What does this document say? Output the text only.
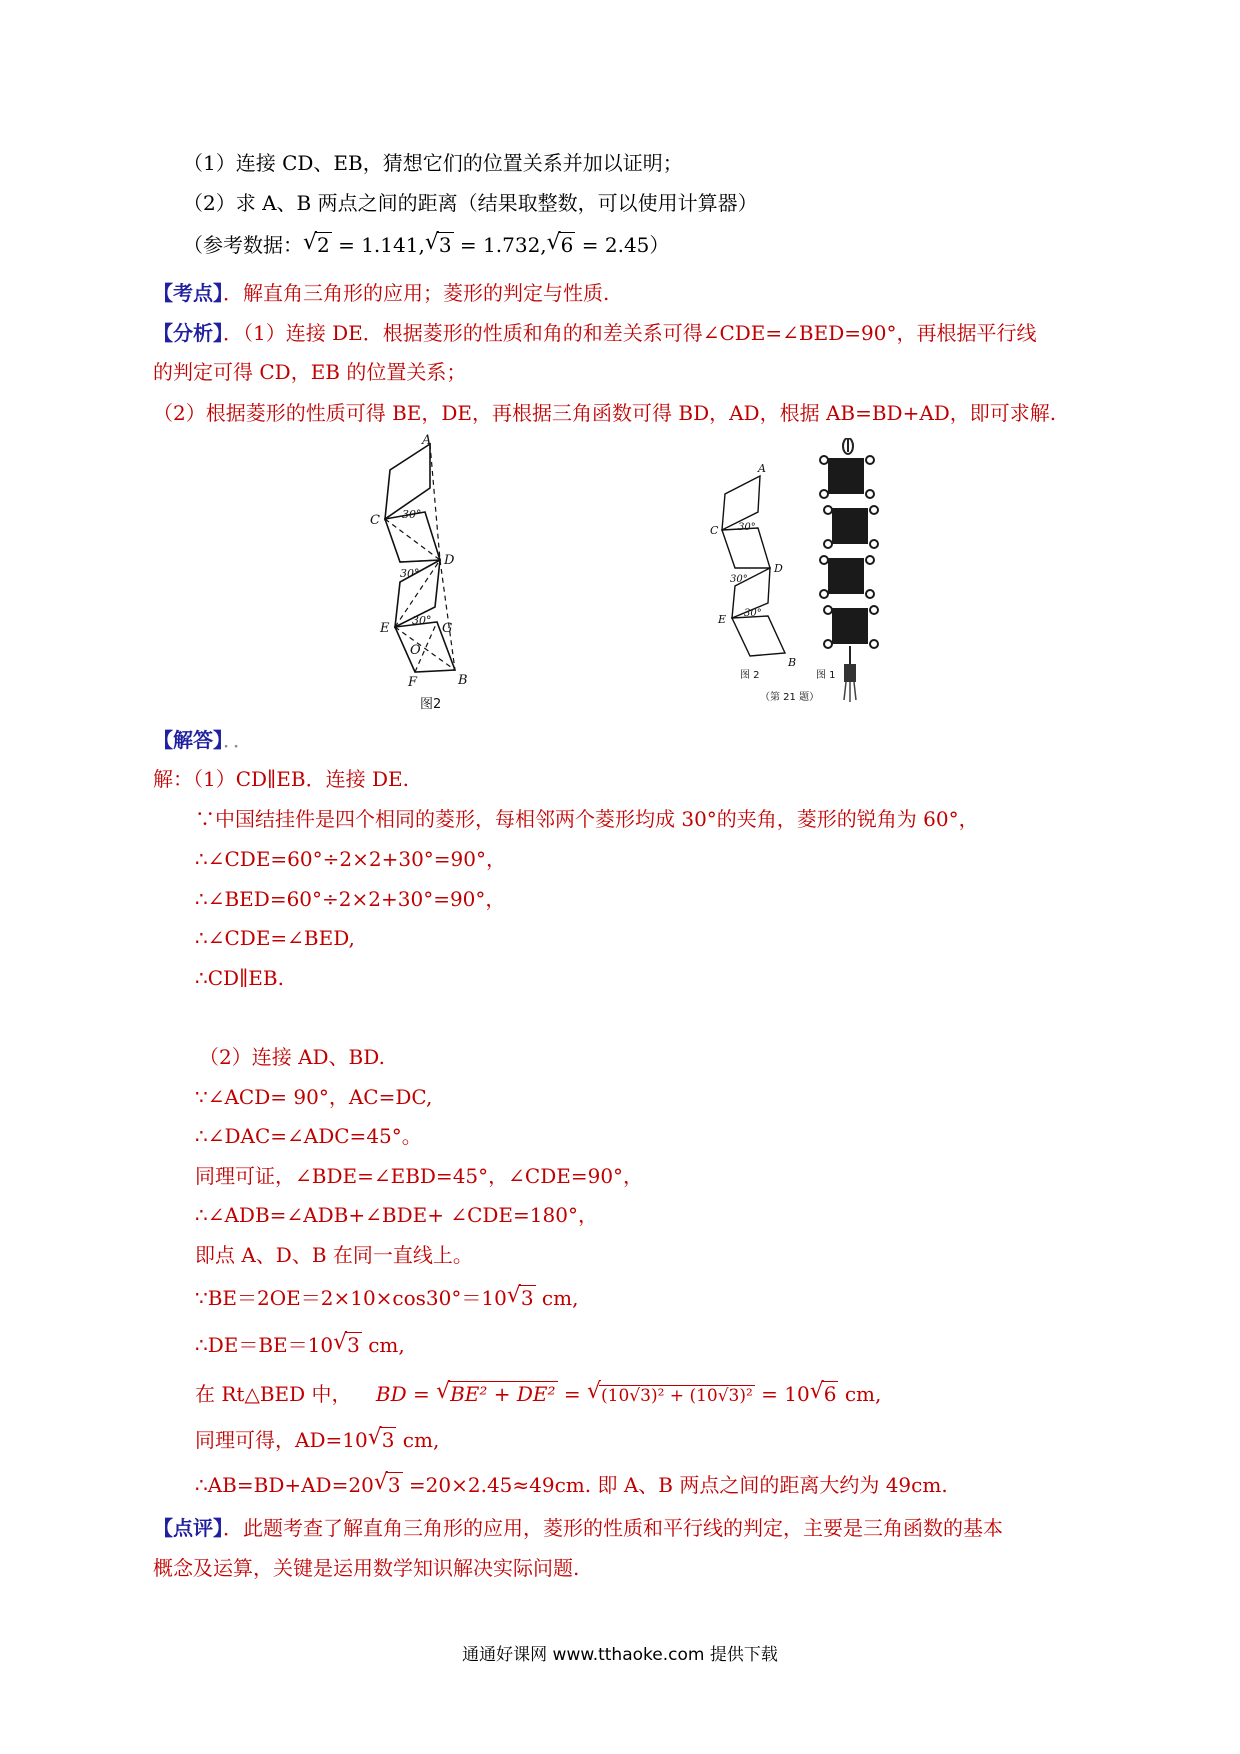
（1）连接 CD、EB，猜想它们的位置关系并加以证明；
（2）求 A、B 两点之间的距离（结果取整数，可以使用计算器）
（参考数据： √ 2 = 1.141, √ 3 = 1.732, √ 6 = 2.45）
【考点】．解直角三角形的应用；菱形的判定与性质.
【分析】．（1）连接 DE．根据菱形的性质和角的和差关系可得∠CDE=∠BED=90°，再根据平行线
的判定可得 CD，EB 的位置关系；
（2）根据菱形的性质可得 BE，DE，再根据三角函数可得 BD，AD，根据 AB=BD+AD，即可求解.
A
C 30°
D
30°
E
30°
G
O
F	B
图2
A
C 30°
D
30°
E 30°
B
图 2	图 1
（第 21 题）
【解答】．．
解：（1）CD∥EB．连接 DE.
∵中国结挂件是四个相同的菱形，每相邻两个菱形均成 30°的夹角，菱形的锐角为 60°，
∴∠CDE=60°÷2×2+30°=90°，
∴∠BED=60°÷2×2+30°=90°，
∴∠CDE=∠BED,
∴CD∥EB.
（2）连接 AD、BD.
∵∠ACD= 90°，AC=DC,
∴∠DAC=∠ADC=45°。
同理可证，∠BDE=∠EBD=45°，∠CDE=90°，
∴∠ADB=∠ADB+∠BDE+ ∠CDE=180°，
即点 A、D、B 在同一直线上。
∵BE＝2OE＝2×10×cos30°＝10 √ 3 cm,
∴DE＝BE＝10 √ 3 cm,
在 Rt△BED 中， BD = √ BE² + DE² = √ (10√3)² + (10√3)² = 10 √ 6 cm,
同理可得，AD=10 √ 3 cm,
∴AB=BD+AD=20 √ 3 =20×2.45≈49cm. 即 A、B 两点之间的距离大约为 49cm.
【点评】．此题考查了解直角三角形的应用，菱形的性质和平行线的判定，主要是三角函数的基本
概念及运算，关键是运用数学知识解决实际问题.
通通好课网 www.tthaoke.com 提供下载
